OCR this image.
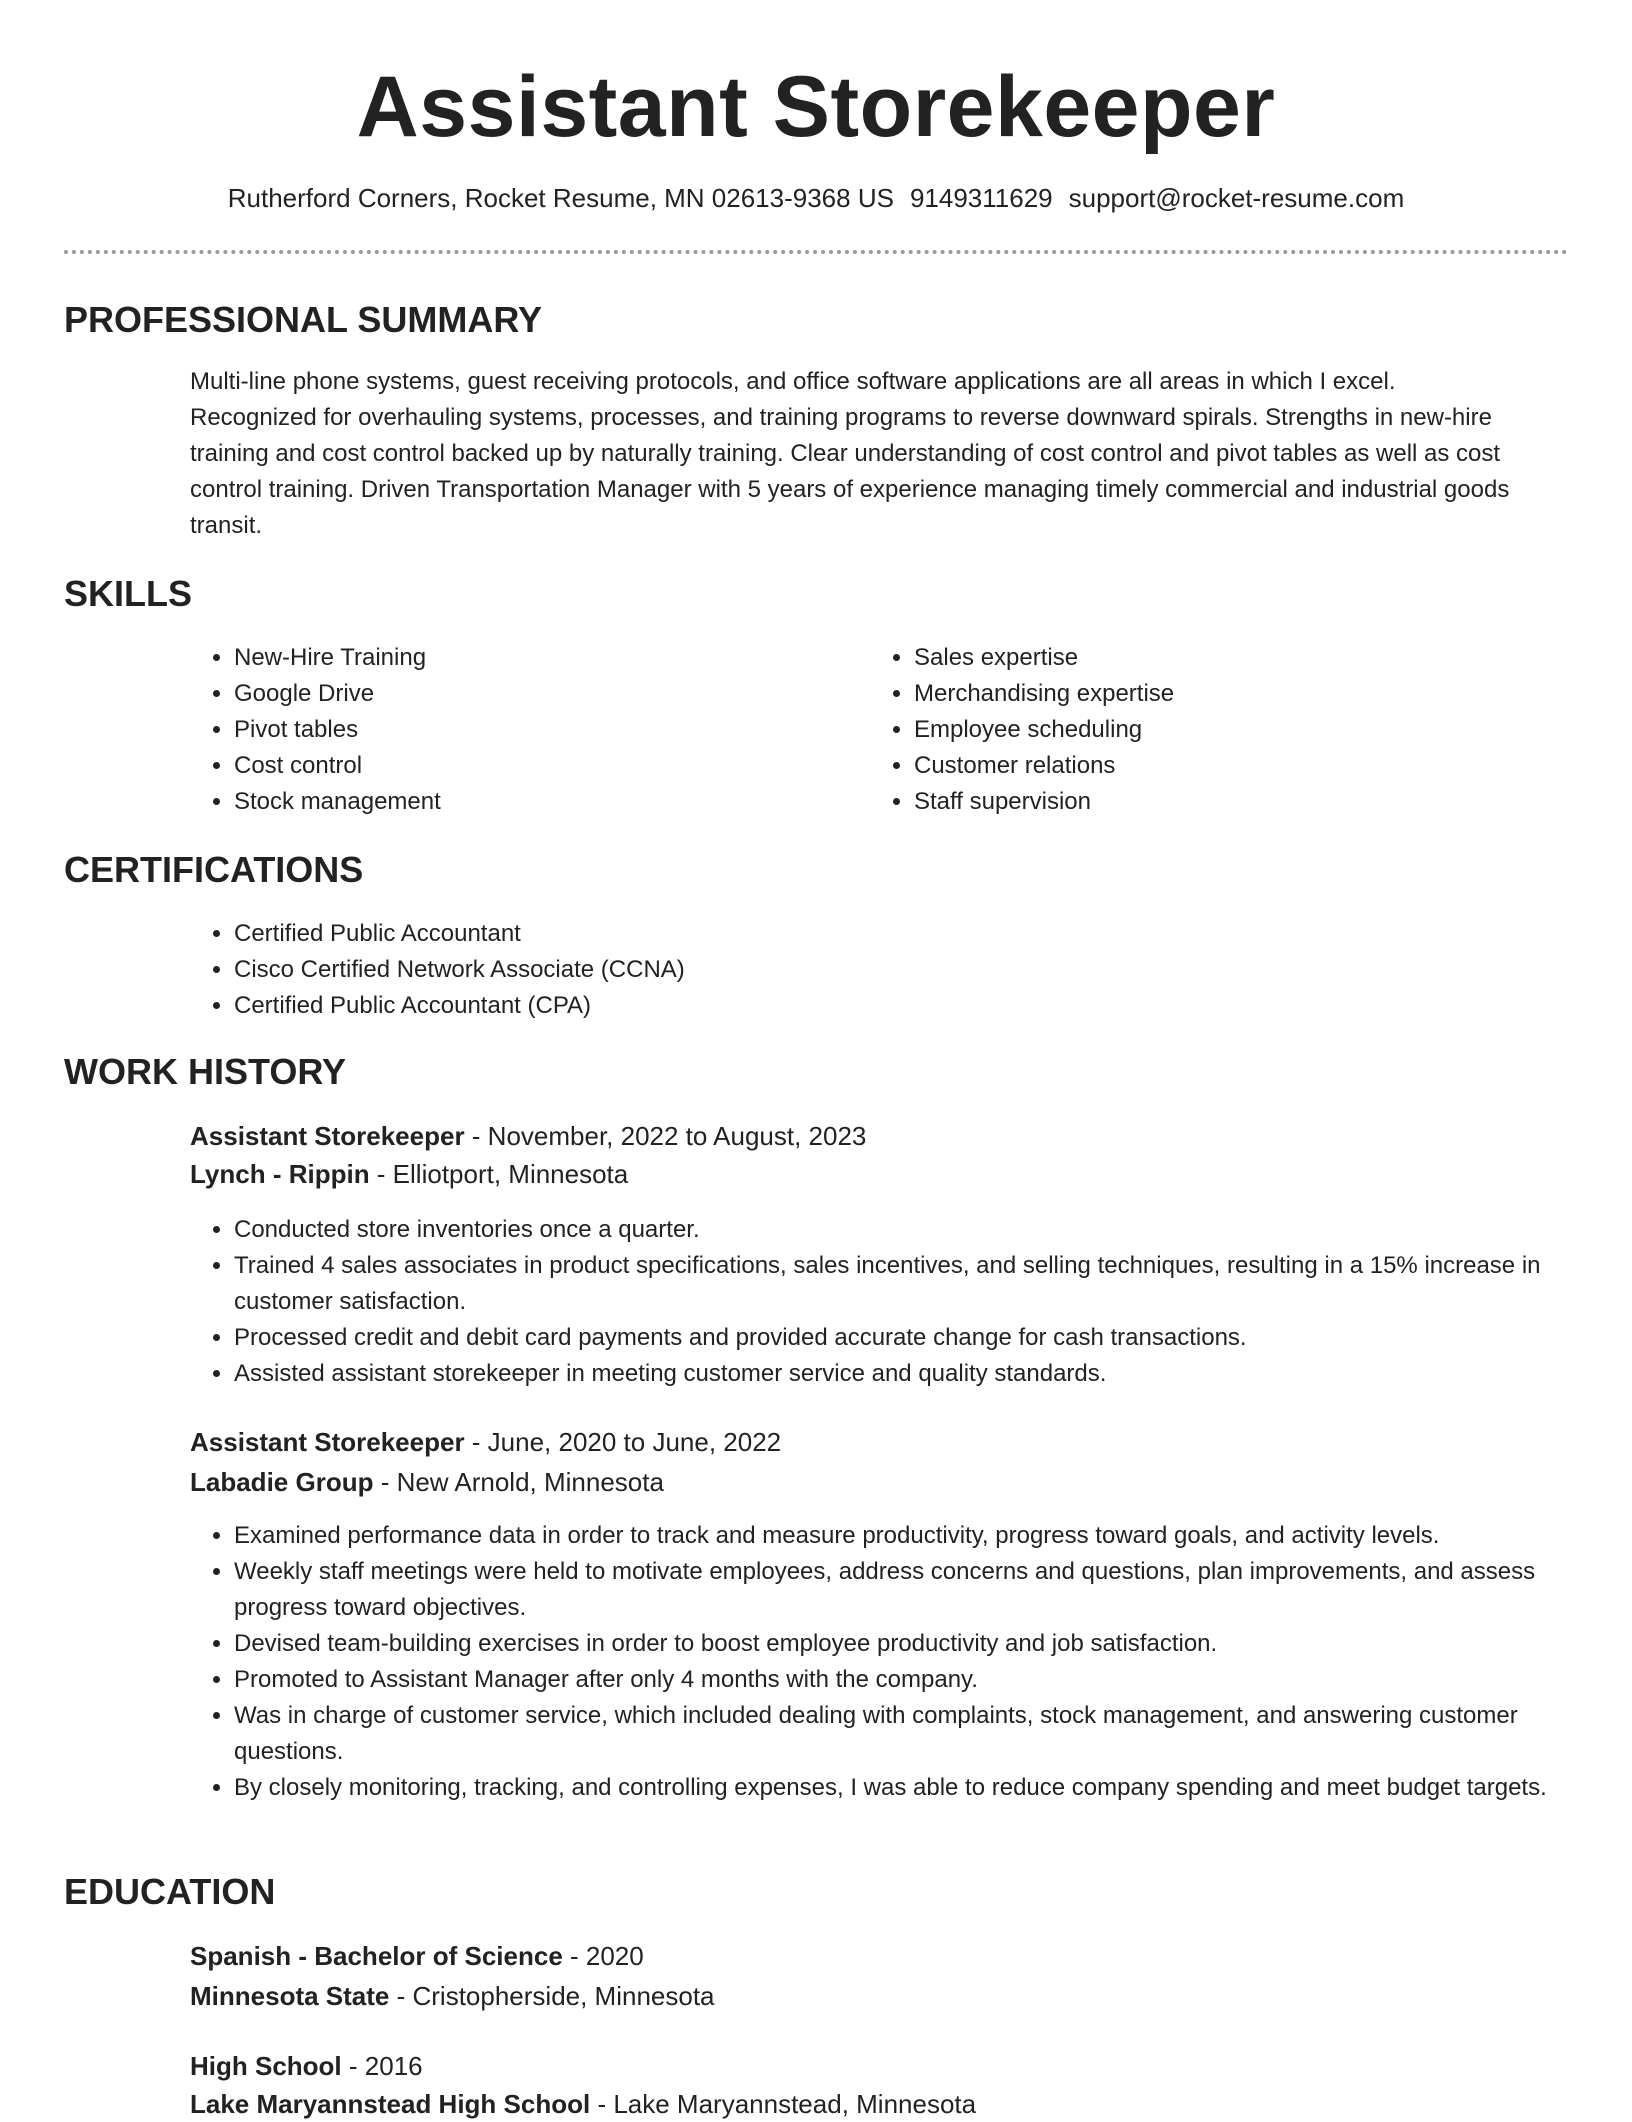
Assistant Storekeeper
Rutherford Corners, Rocket Resume, MN 02613-9368 US 9149311629 support@rocket-resume.com
PROFESSIONAL SUMMARY
Multi-line phone systems, guest receiving protocols, and office software applications are all areas in which I excel.
Recognized for overhauling systems, processes, and training programs to reverse downward spirals. Strengths in new-hire
training and cost control backed up by naturally training. Clear understanding of cost control and pivot tables as well as cost
control training. Driven Transportation Manager with 5 years of experience managing timely commercial and industrial goods
transit.
SKILLS
• New-Hire Training
• Google Drive
• Pivot tables
• Cost control
• Stock management
• Sales expertise
• Merchandising expertise
• Employee scheduling
• Customer relations
• Staff supervision
CERTIFICATIONS
• Certified Public Accountant
• Cisco Certified Network Associate (CCNA)
• Certified Public Accountant (CPA)
WORK HISTORY
Assistant Storekeeper - November, 2022 to August, 2023
Lynch - Rippin - Elliotport, Minnesota
• Conducted store inventories once a quarter.
• Trained 4 sales associates in product specifications, sales incentives, and selling techniques, resulting in a 15% increase in customer satisfaction.
• Processed credit and debit card payments and provided accurate change for cash transactions.
• Assisted assistant storekeeper in meeting customer service and quality standards.
Assistant Storekeeper - June, 2020 to June, 2022
Labadie Group - New Arnold, Minnesota
• Examined performance data in order to track and measure productivity, progress toward goals, and activity levels.
• Weekly staff meetings were held to motivate employees, address concerns and questions, plan improvements, and assess progress toward objectives.
• Devised team-building exercises in order to boost employee productivity and job satisfaction.
• Promoted to Assistant Manager after only 4 months with the company.
• Was in charge of customer service, which included dealing with complaints, stock management, and answering customer questions.
• By closely monitoring, tracking, and controlling expenses, I was able to reduce company spending and meet budget targets.
EDUCATION
Spanish - Bachelor of Science - 2020
Minnesota State - Cristopherside, Minnesota
High School - 2016
Lake Maryannstead High School - Lake Maryannstead, Minnesota
